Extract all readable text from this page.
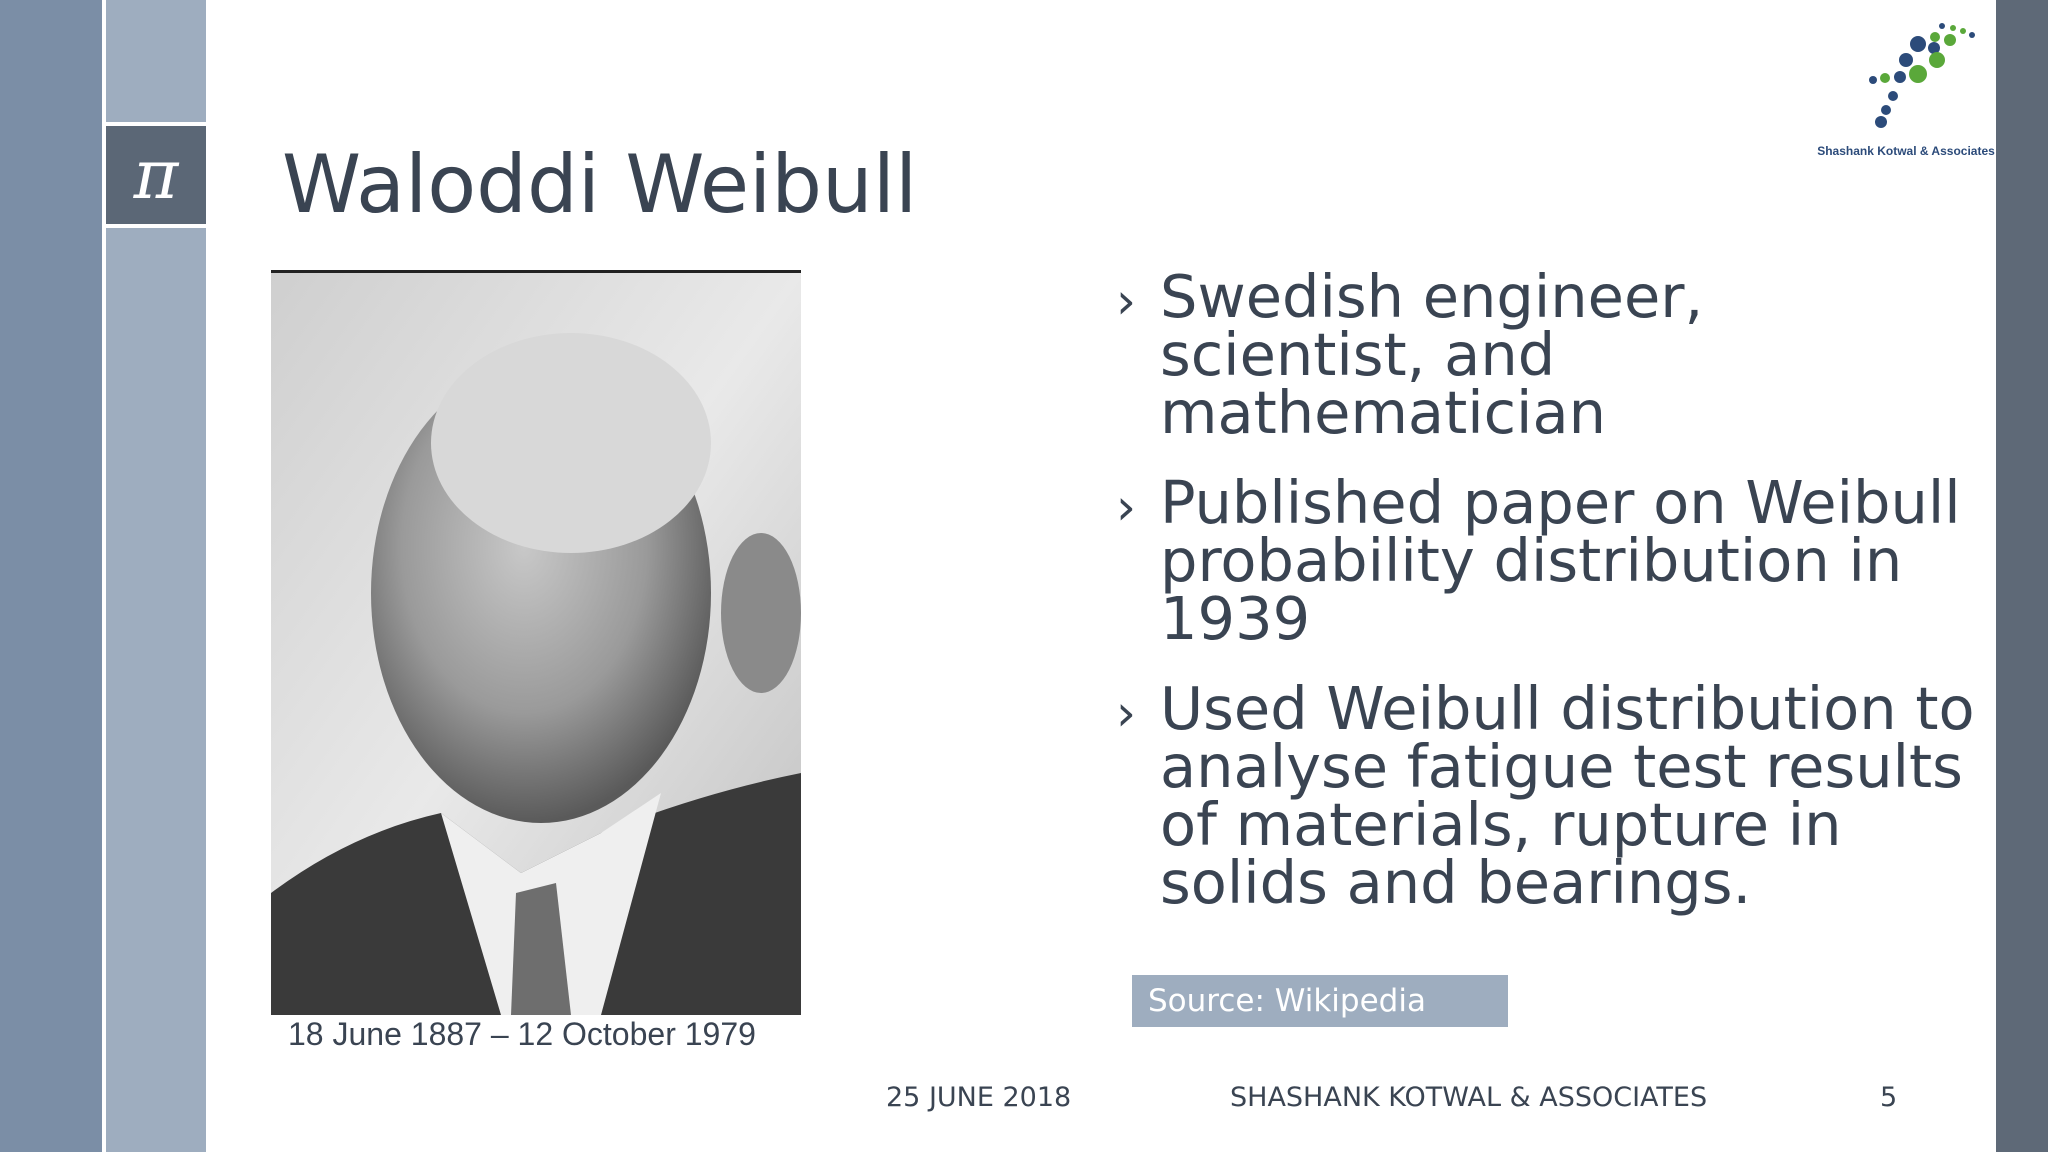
π	Waloddi Weibull	Shashank Kotwal & Associates
18 June 1887 – 12 October 1979
› Swedish engineer, scientist, and mathematician
› Published paper on Weibull probability distribution in 1939
› Used Weibull distribution to analyse fatigue test results of materials, rupture in solids and bearings.
Source: Wikipedia
25 JUNE 2018	SHASHANK KOTWAL & ASSOCIATES	5
